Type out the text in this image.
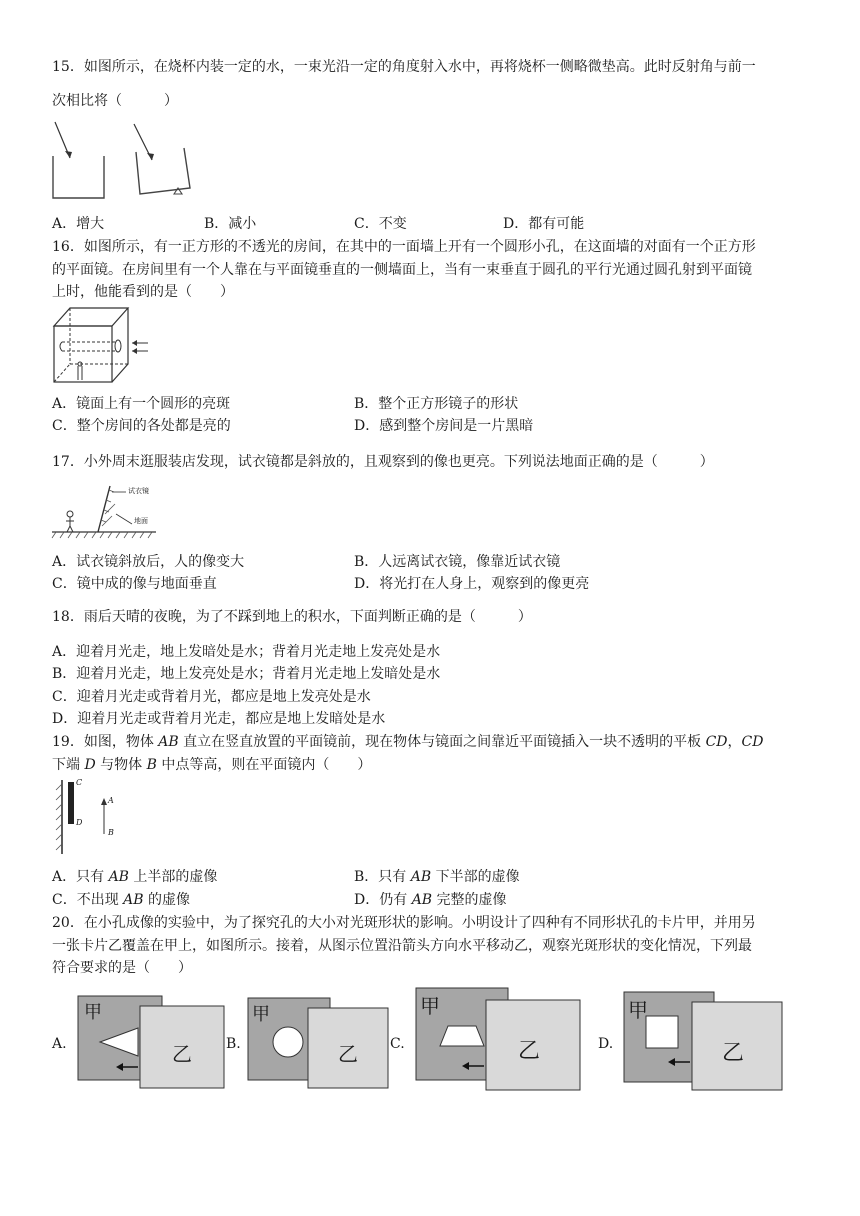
15．如图所示，在烧杯内装一定的水，一束光沿一定的角度射入水中，再将烧杯一侧略微垫高。此时反射角与前一
次相比将（　　　）
A．增大	B．减小	C．不变	D．都有可能
16．如图所示，有一正方形的不透光的房间，在其中的一面墙上开有一个圆形小孔，在这面墙的对面有一个正方形
的平面镜。在房间里有一个人靠在与平面镜垂直的一侧墙面上，当有一束垂直于圆孔的平行光通过圆孔射到平面镜
上时，他能看到的是（　　）
A．镜面上有一个圆形的亮斑	B．整个正方形镜子的形状
C．整个房间的各处都是亮的	D．感到整个房间是一片黑暗
17．小外周末逛服装店发现，试衣镜都是斜放的，且观察到的像也更亮。下列说法地面正确的是（　　　）
试衣镜
地面
A．试衣镜斜放后，人的像变大	B．人远离试衣镜，像靠近试衣镜
C．镜中成的像与地面垂直	D．将光打在人身上，观察到的像更亮
18．雨后天晴的夜晚，为了不踩到地上的积水，下面判断正确的是（　　　）
A．迎着月光走，地上发暗处是水；背着月光走地上发亮处是水
B．迎着月光走，地上发亮处是水；背着月光走地上发暗处是水
C．迎着月光走或背着月光，都应是地上发亮处是水
D．迎着月光走或背着月光走，都应是地上发暗处是水
19．如图，物体 AB 直立在竖直放置的平面镜前，现在物体与镜面之间靠近平面镜插入一块不透明的平板 CD，CD
下端 D 与物体 B 中点等高，则在平面镜内（　　）
C
D
A
B
A．只有 AB 上半部的虚像	B．只有 AB 下半部的虚像
C．不出现 AB 的虚像	D．仍有 AB 完整的虚像
20．在小孔成像的实验中，为了探究孔的大小对光斑形状的影响。小明设计了四种有不同形状孔的卡片甲，并用另
一张卡片乙覆盖在甲上，如图所示。接着，从图示位置沿箭头方向水平移动乙，观察光斑形状的变化情况，下列最
符合要求的是（　　）
A.
甲
乙 B.
甲
乙 C.
甲
乙	D.
甲
乙
